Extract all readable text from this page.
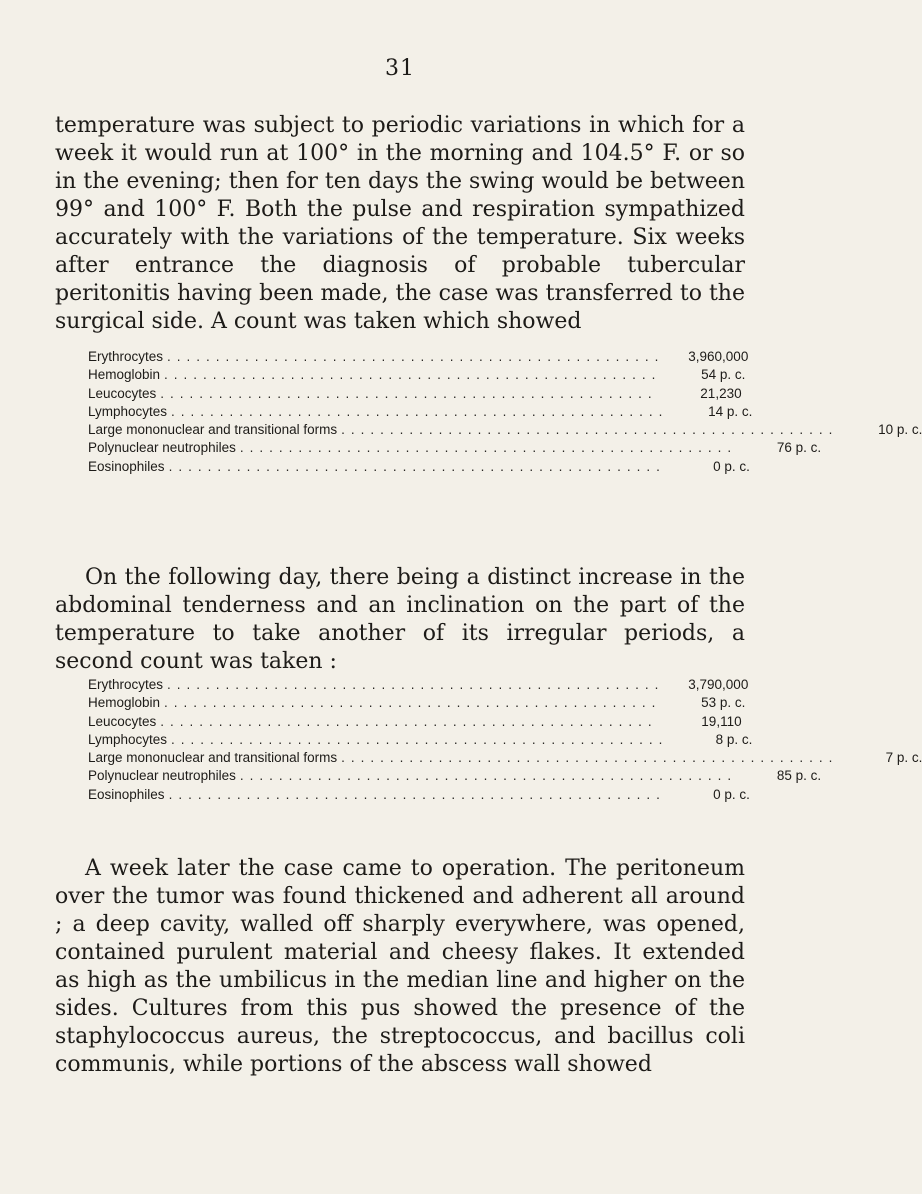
31

temperature was subject to periodic variations in which for a week it would run at 100° in the morning and 104.5° F. or so in the evening; then for ten days the swing would be between 99° and 100° F. Both the pulse and respiration sympathized accurately with the variations of the temperature. Six weeks after entrance the diagnosis of probable tubercular peritonitis having been made, the case was transferred to the surgical side. A count was taken which showed

Erythrocytes ...................................................	3,960,000
Hemoglobin ...................................................	54 p. c.
Leucocytes ...................................................	21,230
Lymphocytes ...................................................	14 p. c.
Large mononuclear and transitional forms ...................................................	10 p. c.
Polynuclear neutrophiles ...................................................	76 p. c.
Eosinophiles ...................................................	0 p. c.

On the following day, there being a distinct increase in the abdominal tenderness and an inclination on the part of the temperature to take another of its irregular periods, a second count was taken :

Erythrocytes ...................................................	3,790,000
Hemoglobin ...................................................	53 p. c.
Leucocytes ...................................................	19,110
Lymphocytes ...................................................	8 p. c.
Large mononuclear and transitional forms ...................................................	7 p. c.
Polynuclear neutrophiles ...................................................	85 p. c.
Eosinophiles ...................................................	0 p. c.

A week later the case came to operation. The peritoneum over the tumor was found thickened and adherent all around ; a deep cavity, walled off sharply everywhere, was opened, contained purulent material and cheesy flakes. It extended as high as the umbilicus in the median line and higher on the sides. Cultures from this pus showed the presence of the staphylococcus aureus, the streptococcus, and bacillus coli communis, while portions of the abscess wall showed
